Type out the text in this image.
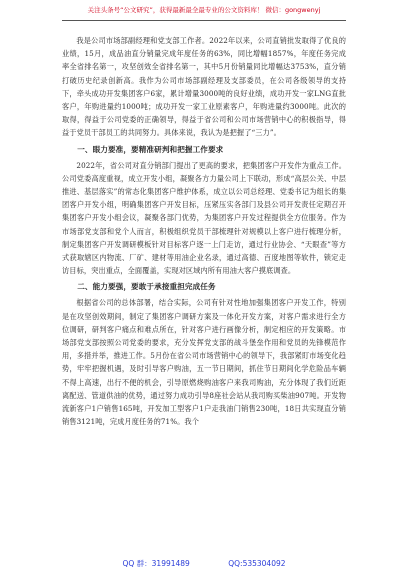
关注头条号“公文研究”，获得最新最全最专业的公文资料库！ 微信：gongwenyj

我是公司市场部副经理和党支部工作者。2022年以来，公司直销批发取得了优良的业绩，15月，成品油直分销量完成年度任务的63%，同比增幅1857%，年度任务完成率全省排名第一，攻坚创效全省排名第一，其中5月份销量同比增幅达3753%，直分销打破历史纪录创新高。我作为公司市场部副经理及支部委员，在公司各级领导的支持下，牵头成功开发集团客户6家，累计增量3000吨的良好业绩，成功开发一家LNG直批客户，年购进量约1000吨；成功开发一家工业原素客户，年购进量约3000吨。此次的取得，得益于公司党委的正确领导，得益于省公司和公司市场营销中心的积极指导，得益于党员干部员工的共同努力。具体来说，我认为是把握了“三力”。

一、眼力要准，要精准研判和把握工作要求

2022年，省公司对直分销部门提出了更高的要求，把集团客户开发作为重点工作。公司党委高度重视，成立开发小组，凝聚各方力量公司上下联动，形成“高层公关、中层推进、基层落实”的常态化集团客户维护体系，成立以公司总经理、党委书记为组长的集团客户开发小组，明确集团客户开发目标，压紧压实各部门及县公司开发责任定期召开集团客户开发小组会议，凝聚各部门优势，为集团客户开发过程提供全方位服务。作为市场部党支部和党个人而言，积极组织党员干部梳理针对规模以上客户进行梳理分析，制定集团客户开发调研模板针对目标客户逐一上门走访，通过行业协会、“天眼查”等方式获取辖区内物流、厂矿、建材等用油企业名录，通过高德、百度地图等软件，锁定走访目标，突出重点，全面覆盖，实现对区域内所有用油大客户摸底调查。

二、能力要强，要敢于承接重担完成任务

根据省公司的总体部署，结合实际，公司有针对性地加强集团客户开发工作，特别是在攻坚创效期间，制定了集团客户调研方案及一体化开发方案，对客户需求进行全方位调研，研判客户痛点和难点所在，针对客户进行画像分析，制定相应的开发策略。市场部党支部按照公司党委的要求，充分发挥党支部的战斗堡垒作用和党员的先锋模范作用，多措并举，推进工作。5月份在省公司市场营销中心的领导下，我部紧盯市场变化趋势，牢牢把握机遇，及时引导客户购油，五一节日期间，抓住节日期间化学危险品车辆不得上高速，出行不便的机会，引导原燃烧购油客户来我司购油，充分体现了我们近距离配送、管道供油的优势，通过努力成功引导8座社会站从我司购买柴油907吨。开发物流新客户1户销售165吨，开发加工型客户1户走我油门销售230吨，18日共实现直分销销售3121吨，完成月度任务的71%。我个

QQ 群：31991489	QQ:535304092
